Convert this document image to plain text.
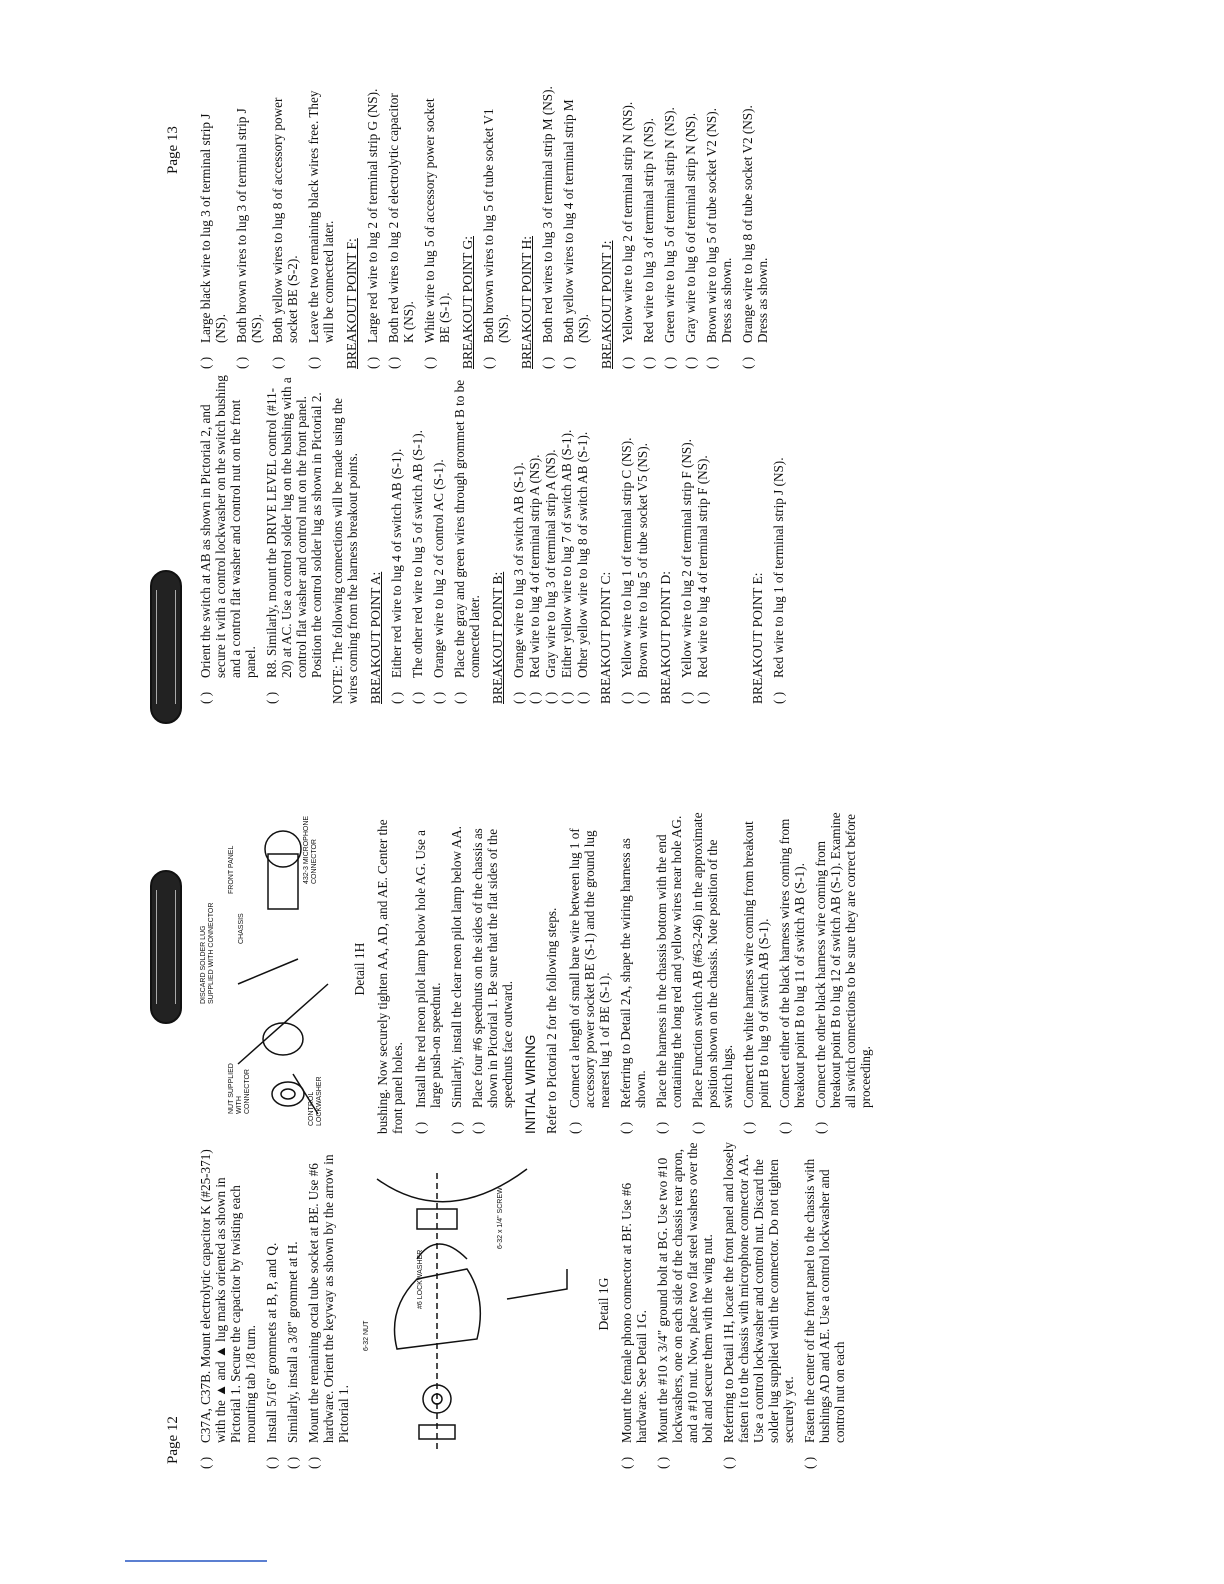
Page 12 ( )
C37A, C37B. Mount electrolytic capacitor K (#25-371) with the ▲ and ▲ lug marks oriented as shown in Pictorial 1. Secure the capacitor by twisting each mounting tab 1/8 turn.
( )
Install 5/16" grommets at B, P, and Q.
( )
Similarly, install a 3/8" grommet at H.
( )
Mount the remaining octal tube socket at BE. Use #6 hardware. Orient the keyway as shown by the arrow in Pictorial 1.
6-32 NUT
#6 LOCKWASHER
6-32 x 1/4" SCREW
Detail 1G
( )
Mount the female phono connector at BF. Use #6 hardware. See Detail 1G.
( )
Mount the #10 x 3/4" ground bolt at BG. Use two #10 lockwashers, one on each side of the chassis rear apron, and a #10 nut. Now, place two flat steel washers over the bolt and secure them with the wing nut.
( )
Referring to Detail 1H, locate the front panel and loosely fasten it to the chassis with microphone connector AA. Use a control lockwasher and control nut. Discard the solder lug supplied with the connector. Do not tighten securely yet.
( )
Fasten the center of the front panel to the chassis with bushings AD and AE. Use a control lockwasher and control nut on each
NUT SUPPLIED WITH CONNECTOR
DISCARD SOLDER LUG SUPPLIED WITH CONNECTOR	CHASSIS
FRONT PANEL
CONTROL LOCKWASHER
432-3 MICROPHONE CONNECTOR
Detail 1H bushing. Now securely tighten AA, AD, and AE. Center the front panel holes. ( )
Install the red neon pilot lamp below hole AG. Use a large push-on speednut.
( )
Similarly, install the clear neon pilot lamp below AA.
( )
Place four #6 speednuts on the sides of the chassis as shown in Pictorial 1. Be sure that the flat sides of the speednuts face outward. INITIAL WIRING Refer to Pictorial 2 for the following steps. ( )
Connect a length of small bare wire between lug 1 of accessory power socket BE (S-1) and the ground lug nearest lug 1 of BE (S-1).
( )
Referring to Detail 2A, shape the wiring harness as shown.
( )
Place the harness in the chassis bottom with the end containing the long red and yellow wires near hole AG.
( )
Place Function switch AB (#63-246) in the approximate position shown on the chassis. Note position of the switch lugs.
( )
Connect the white harness wire coming from breakout point B to lug 9 of switch AB (S-1).
( )
Connect either of the black harness wires coming from breakout point B to lug 11 of switch AB (S-1).
( )
Connect the other black harness wire coming from breakout point B to lug 12 of switch AB (S-1). Examine all switch connections to be sure they are correct before proceeding.
( )
Orient the switch at AB as shown in Pictorial 2, and secure it with a control lockwasher on the switch bushing and a control flat washer and control nut on the front panel.
( )
R8. Similarly, mount the DRIVE LEVEL control (#11-20) at AC. Use a control solder lug on the bushing with a control flat washer and control nut on the front panel. Position the control solder lug as shown in Pictorial 2. NOTE: The following connections will be made using the wires coming from the harness breakout points. BREAKOUT POINT A: ( )
Either red wire to lug 4 of switch AB (S-1).
( )
The other red wire to lug 5 of switch AB (S-1).
( )
Orange wire to lug 2 of control AC (S-1).
( )
Place the gray and green wires through grommet B to be connected later. BREAKOUT POINT B: ( )
Orange wire to lug 3 of switch AB (S-1).
( )
Red wire to lug 4 of terminal strip A (NS).
( )
Gray wire to lug 3 of terminal strip A (NS).
( )
Either yellow wire to lug 7 of switch AB (S-1).
( )
Other yellow wire to lug 8 of switch AB (S-1). BREAKOUT POINT C: ( )
Yellow wire to lug 1 of terminal strip C (NS).
( )
Brown wire to lug 5 of tube socket V5 (NS). BREAKOUT POINT D: ( )
Yellow wire to lug 2 of terminal strip F (NS).
( )
Red wire to lug 4 of terminal strip F (NS).	BREAKOUT POINT E: ( )
Red wire to lug 1 of terminal strip J (NS).
Page 13
( )
Large black wire to lug 3 of terminal strip J (NS).
( )
Both brown wires to lug 3 of terminal strip J (NS).
( )
Both yellow wires to lug 8 of accessory power socket BE (S-2).
( )
Leave the two remaining black wires free. They will be connected later. BREAKOUT POINT F: ( )
Large red wire to lug 2 of terminal strip G (NS).
( )
Both red wires to lug 2 of electrolytic capacitor K (NS).
( )
White wire to lug 5 of accessory power socket BE (S-1). BREAKOUT POINT G: ( )
Both brown wires to lug 5 of tube socket V1 (NS). BREAKOUT POINT H: ( )
Both red wires to lug 3 of terminal strip M (NS).
( )
Both yellow wires to lug 4 of terminal strip M (NS). BREAKOUT POINT J: ( )
Yellow wire to lug 2 of terminal strip N (NS).
( )
Red wire to lug 3 of terminal strip N (NS).
( )
Green wire to lug 5 of terminal strip N (NS).
( )
Gray wire to lug 6 of terminal strip N (NS).
( )
Brown wire to lug 5 of tube socket V2 (NS). Dress as shown.
( )
Orange wire to lug 8 of tube socket V2 (NS). Dress as shown.
